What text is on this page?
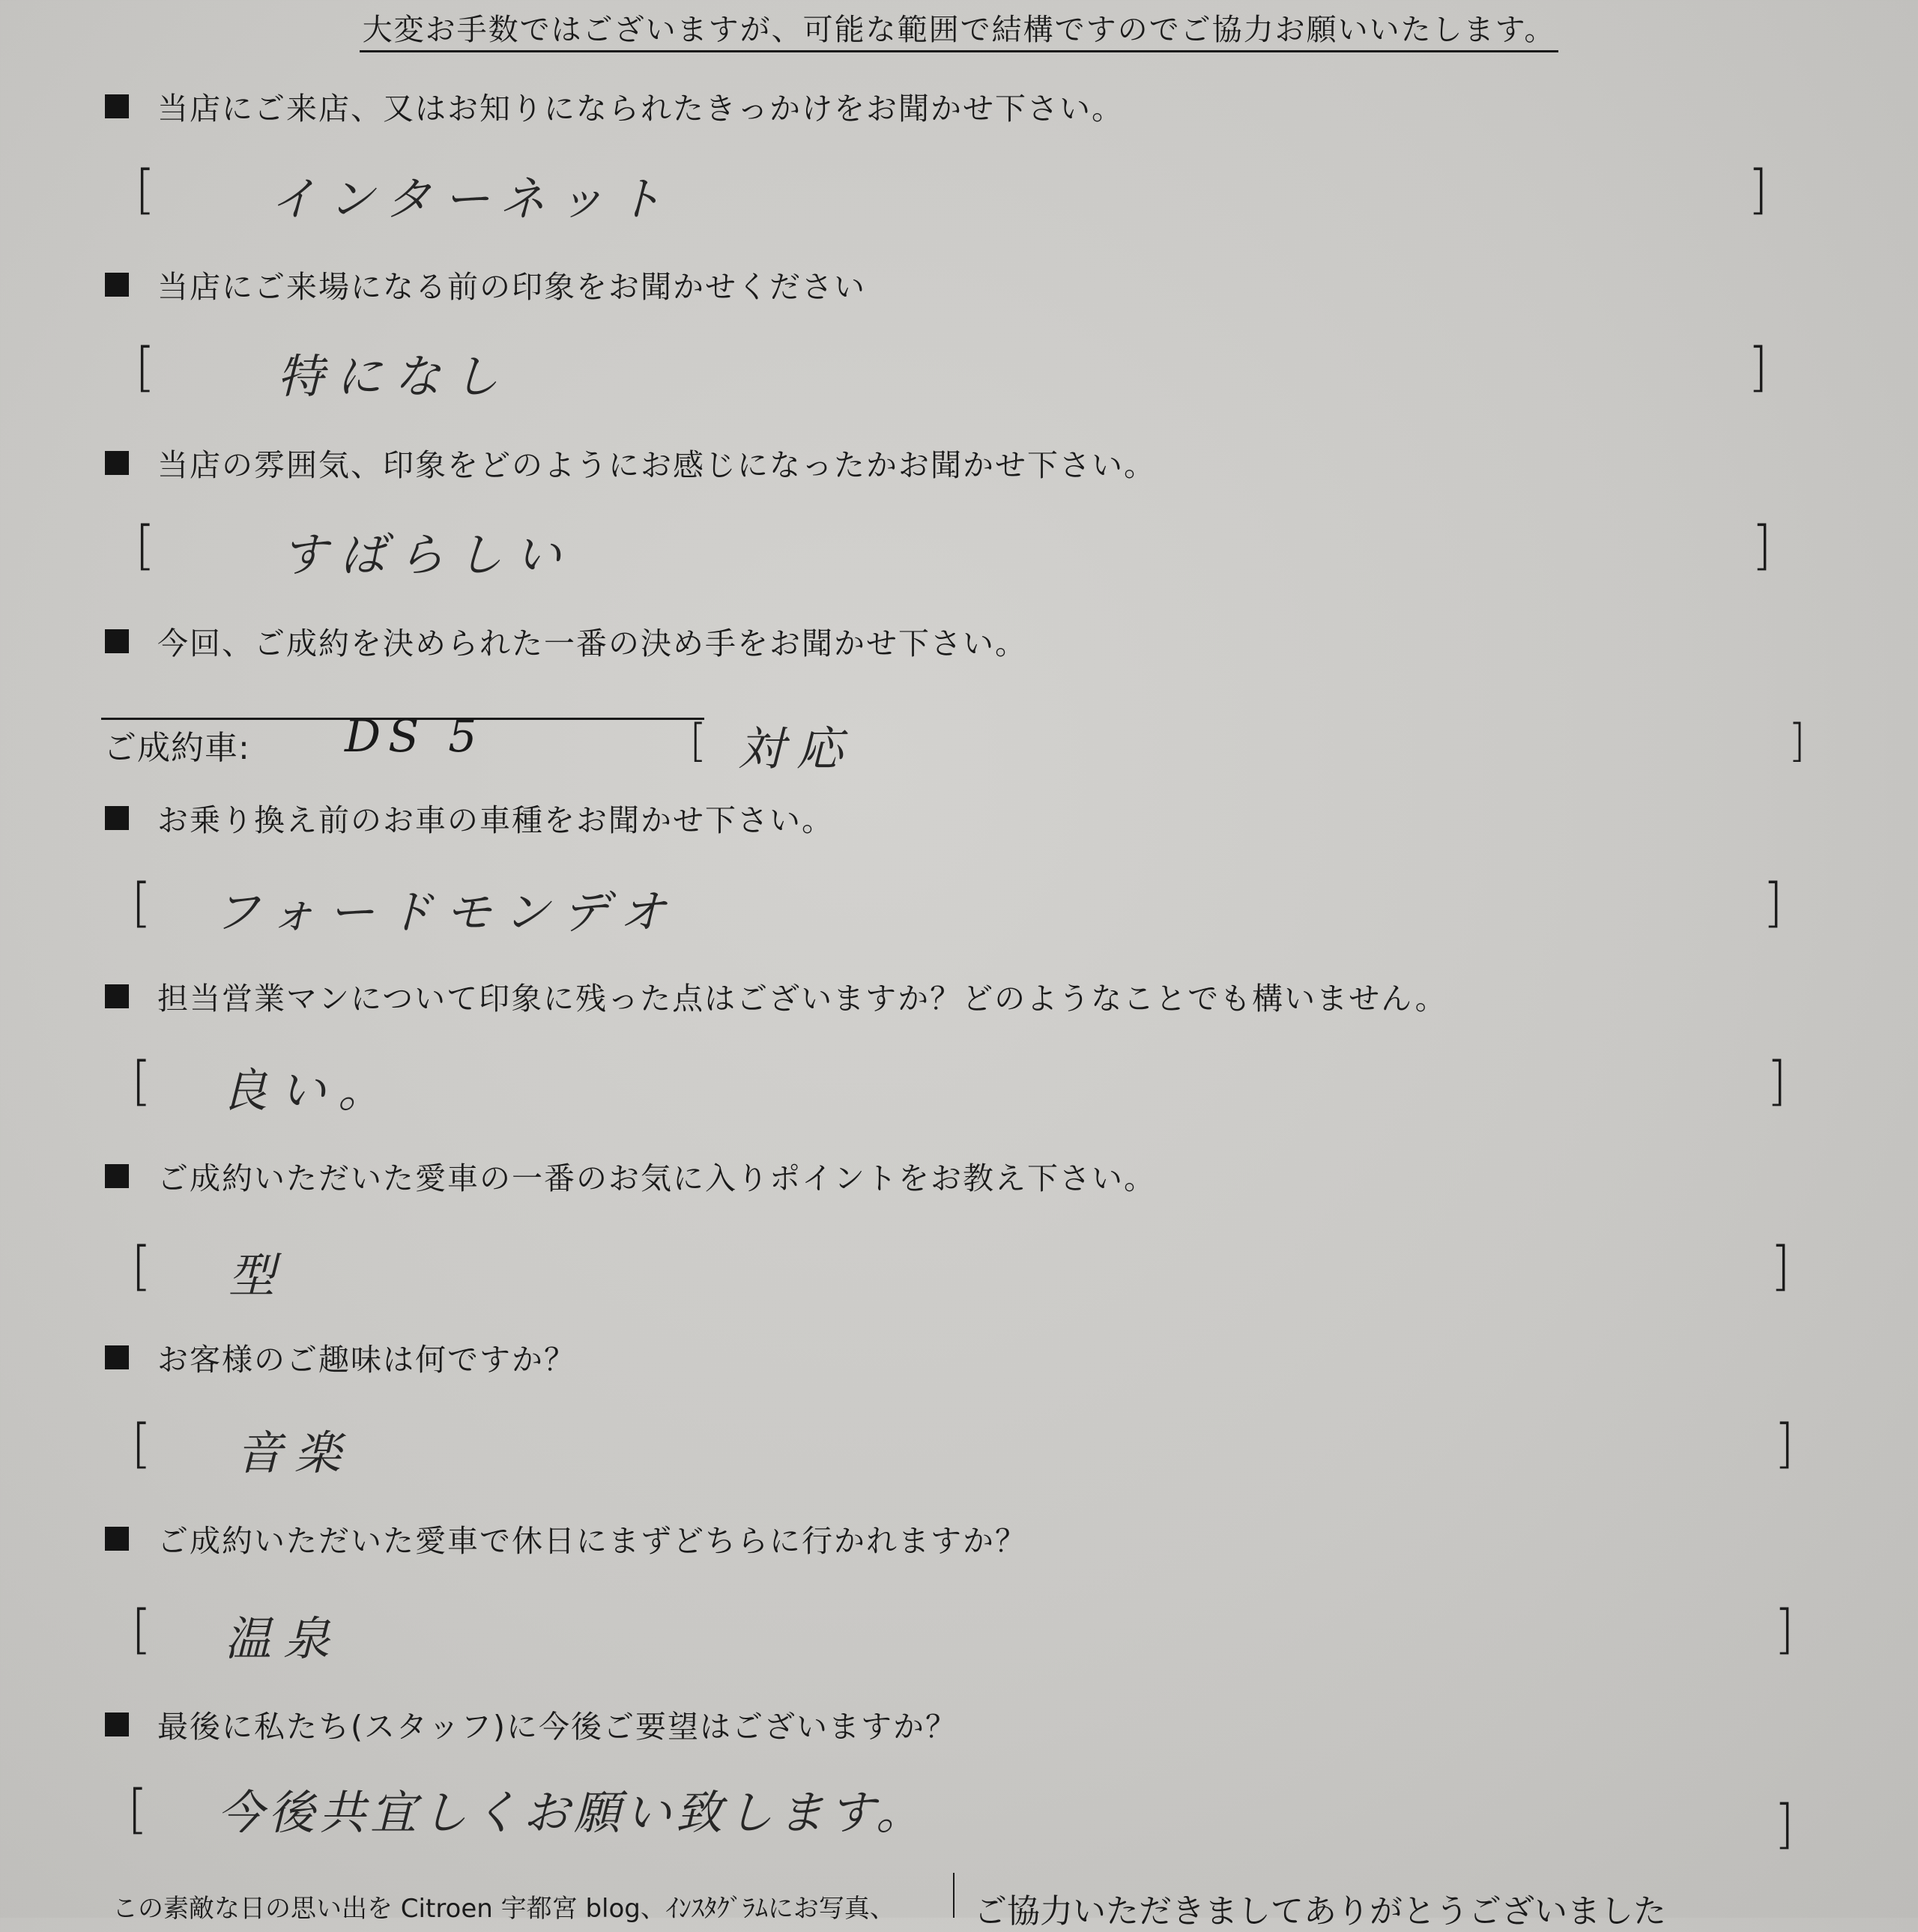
大変お手数ではございますが、可能な範囲で結構ですのでご協力お願いいたします。
当店にご来店、又はお知りになられたきっかけをお聞かせ下さい。
[ インターネット	]
当店にご来場になる前の印象をお聞かせください
[	特になし	]
当店の雰囲気、印象をどのようにお感じになったかお聞かせ下さい。
[	すばらしい	]
今回、ご成約を決められた一番の決め手をお聞かせ下さい。
ご成約車: DS 5	[ 対応	]
お乗り換え前のお車の車種をお聞かせ下さい。
[ フォードモンデオ	]
担当営業マンについて印象に残った点はございますか？どのようなことでも構いません。
[ 良い。	]
ご成約いただいた愛車の一番のお気に入りポイントをお教え下さい。
[ 型	]
お客様のご趣味は何ですか？
[ 音楽	]
ご成約いただいた愛車で休日にまずどちらに行かれますか？
[ 温泉	]
最後に私たち(スタッフ)に今後ご要望はございますか？
[ 今後共宜しくお願い致します。	]
この素敵な日の思い出を Citroen 宇都宮 blog、ｲﾝｽﾀｸﾞﾗﾑにお写真、 ご協力いただきましてありがとうございました
